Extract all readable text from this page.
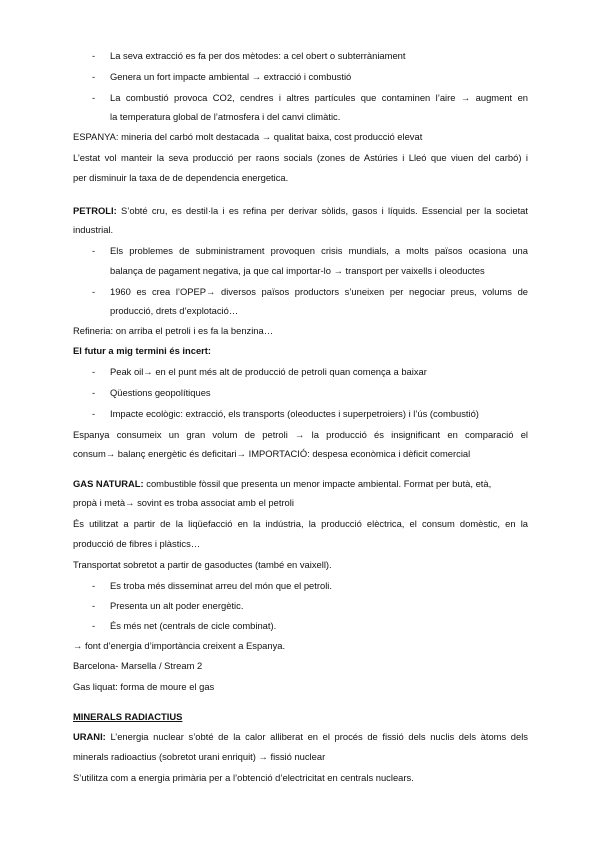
- La seva extracció es fa per dos mètodes: a cel obert o subterràniament
- Genera un fort impacte ambiental → extracció i combustió
- La combustió provoca CO2, cendres i altres partícules que contaminen l’aire → augment en
la temperatura global de l’atmosfera i del canvi climàtic.
ESPANYA: mineria del carbó molt destacada → qualitat baixa, cost producció elevat
L’estat vol manteir la seva producció per raons socials (zones de Astúries i Lleó que viuen del carbó) i
per disminuir la taxa de de dependencia energetica.
PETROLI: S’obté cru, es destil·la i es refina per derivar sòlids, gasos i líquids. Essencial per la societat
industrial.
- Els problemes de subministrament provoquen crisis mundials, a molts països ocasiona una
balança de pagament negativa, ja que cal importar-lo → transport per vaixells i oleoductes
- 1960 es crea l’OPEP→ diversos països productors s’uneixen per negociar preus, volums de
producció, drets d’explotació…
Refineria: on arriba el petroli i es fa la benzina…
El futur a mig termini és incert:
- Peak oil→ en el punt més alt de producció de petroli quan comença a baixar
- Qüestions geopolítiques
- Impacte ecològic: extracció, els transports (oleoductes i superpetroiers) i l’ús (combustió)
Espanya consumeix un gran volum de petroli → la producció és insignificant en comparació el
consum→ balanç energètic és deficitari→ IMPORTACIÓ: despesa econòmica i dèficit comercial
GAS NATURAL: combustible fòssil que presenta un menor impacte ambiental. Format per butà, età,
propà i metà→ sovint es troba associat amb el petroli
És utilitzat a partir de la liqüefacció en la indústria, la producció elèctrica, el consum domèstic, en la
producció de fibres i plàstics…
Transportat sobretot a partir de gasoductes (també en vaixell).
- Es troba més disseminat arreu del món que el petroli.
- Presenta un alt poder energètic.
- És més net (centrals de cicle combinat).
→ font d’energia d’importància creixent a Espanya.
Barcelona- Marsella / Stream 2
Gas liquat: forma de moure el gas
MINERALS RADIACTIUS
URANI: L’energia nuclear s’obté de la calor alliberat en el procés de fissió dels nuclis dels àtoms dels
minerals radioactius (sobretot urani enriquit) → fissió nuclear
S’utilitza com a energia primària per a l’obtenció d’electricitat en centrals nuclears.
